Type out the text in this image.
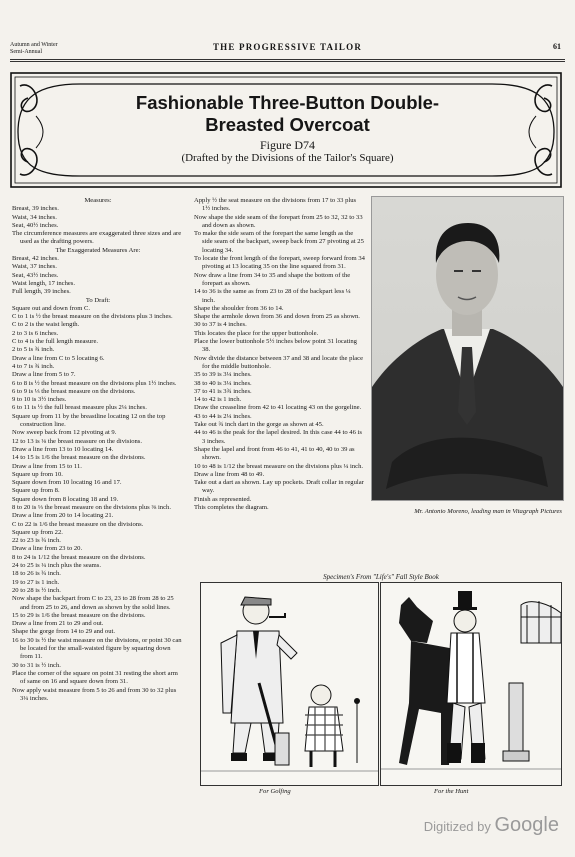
Autumn and Winter
Semi-Annual	THE PROGRESSIVE TAILOR	61
Fashionable Three-Button Double-
Breasted Overcoat
Figure D74
(Drafted by the Divisions of the Tailor's Square)

Measures:

Breast, 39 inches.

Waist, 34 inches.

Seat, 40½ inches.

The circumference measures are exaggerated three sizes and are used as the drafting powers.

The Exaggerated Measures Are:

Breast, 42 inches.

Waist, 37 inches.

Seat, 43½ inches.

Waist length, 17 inches.

Full length, 39 inches.

To Draft:

Square out and down from C.

C to 1 is ½ the breast measure on the divisions plus 3 inches.

C to 2 is the waist length.

2 to 3 is 6 inches.

C to 4 is the full length measure.

2 to 5 is ¾ inch.

Draw a line from C to 5 locating 6.

4 to 7 is ¾ inch.

Draw a line from 5 to 7.

6 to 8 is ½ the breast measure on the divisions plus 1½ inches.

6 to 9 is ⅓ the breast measure on the divisions.

9 to 10 is 3½ inches.

6 to 11 is ½ the full breast measure plus 2¼ inches.

Square up from 11 by the breastline locating 12 on the top construction line.

Now sweep back from 12 pivoting at 9.

12 to 13 is ⅛ the breast measure on the divisions.

Draw a line from 13 to 10 locating 14.

14 to 15 is 1/6 the breast measure on the divisions.

Draw a line from 15 to 11.

Square up from 10.

Square down from 10 locating 16 and 17.

Square up from 8.

Square down from 8 locating 18 and 19.

8 to 20 is ⅓ the breast measure on the divisions plus ⅜ inch.

Draw a line from 20 to 14 locating 21.

C to 22 is 1/6 the breast measure on the divisions.

Square up from 22.

22 to 23 is ¾ inch.

Draw a line from 23 to 20.

8 to 24 is 1/12 the breast measure on the divisions.

24 to 25 is ¼ inch plus the seams.

18 to 26 is ¾ inch.

19 to 27 is 1 inch.

20 to 28 is ½ inch.

Now shape the backpart from C to 23, 23 to 28 from 28 to 25 and from 25 to 26, and down as shown by the solid lines.

15 to 29 is 1/6 the breast measure on the divisions.

Draw a line from 21 to 29 and out.

Shape the gorge from 14 to 29 and out.

16 to 30 is ½ the waist measure on the divisions, or point 30 can be located for the small-waisted figure by squaring down from 11.

30 to 31 is ½ inch.

Place the corner of the square on point 31 resting the short arm of same on 16 and square down from 31.

Now apply waist measure from 5 to 26 and from 30 to 32 plus 3¼ inches.

Apply ½ the seat measure on the divisions from 17 to 33 plus 1½ inches.

Now shape the side seam of the forepart from 25 to 32, 32 to 33 and down as shown.

To make the side seam of the forepart the same length as the side seam of the backpart, sweep back from 27 pivoting at 25 locating 34.

To locate the front length of the forepart, sweep forward from 34 pivoting at 13 locating 35 on the line squared from 31.

Now draw a line from 34 to 35 and shape the bottom of the forepart as shown.

14 to 36 is the same as from 23 to 28 of the backpart less ¼ inch.

Shape the shoulder from 36 to 14.

Shape the armhole down from 36 and down from 25 as shown.

30 to 37 is 4 inches.

This locates the place for the upper buttonhole.

Place the lower buttonhole 5½ inches below point 31 locating 38.

Now divide the distance between 37 and 38 and locate the place for the middle buttonhole.

35 to 39 is 3¼ inches.

38 to 40 is 3¼ inches.

37 to 41 is 3¾ inches.

14 to 42 is 1 inch.

Draw the creaseline from 42 to 41 locating 43 on the gorgeline.

43 to 44 is 2¼ inches.

Take out ¾ inch dart in the gorge as shown at 45.

44 to 46 is the peak for the lapel desired. In this case 44 to 46 is 3 inches.

Shape the lapel and front from 46 to 41, 41 to 40, 40 to 39 as shown.

10 to 48 is 1/12 the breast measure on the divisions plus ¼ inch.

Draw a line from 48 to 49.

Take out a dart as shown. Lay up pockets. Draft collar in regular way.

Finish as represented.

This completes the diagram.

Mr. Antonio Moreno, leading man in Vitagraph Pictures
Specimen's From "Life's" Fall Style Book
For Golfing	For the Hunt
Digitized by Google
